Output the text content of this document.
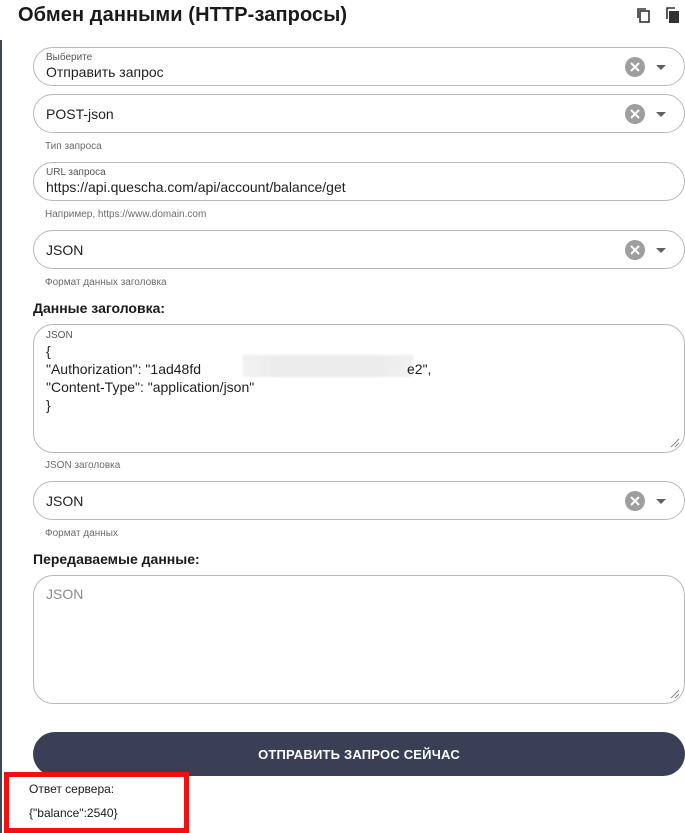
Обмен данными (HTTP-запросы)
Выберите
Отправить запрос
POST-json
Тип запроса
URL запроса
https://api.quescha.com/api/account/balance/get
Например, https://www.domain.com
JSON
Формат данных заголовка
Данные заголовка:
JSON
{
"Authorization": "1ad48fd	e2",
"Content-Type": "application/json"
}
JSON заголовка
JSON
Формат данных
Передаваемые данные:
JSON
ОТПРАВИТЬ ЗАПРОС СЕЙЧАС
Ответ сервера:
{"balance":2540}
